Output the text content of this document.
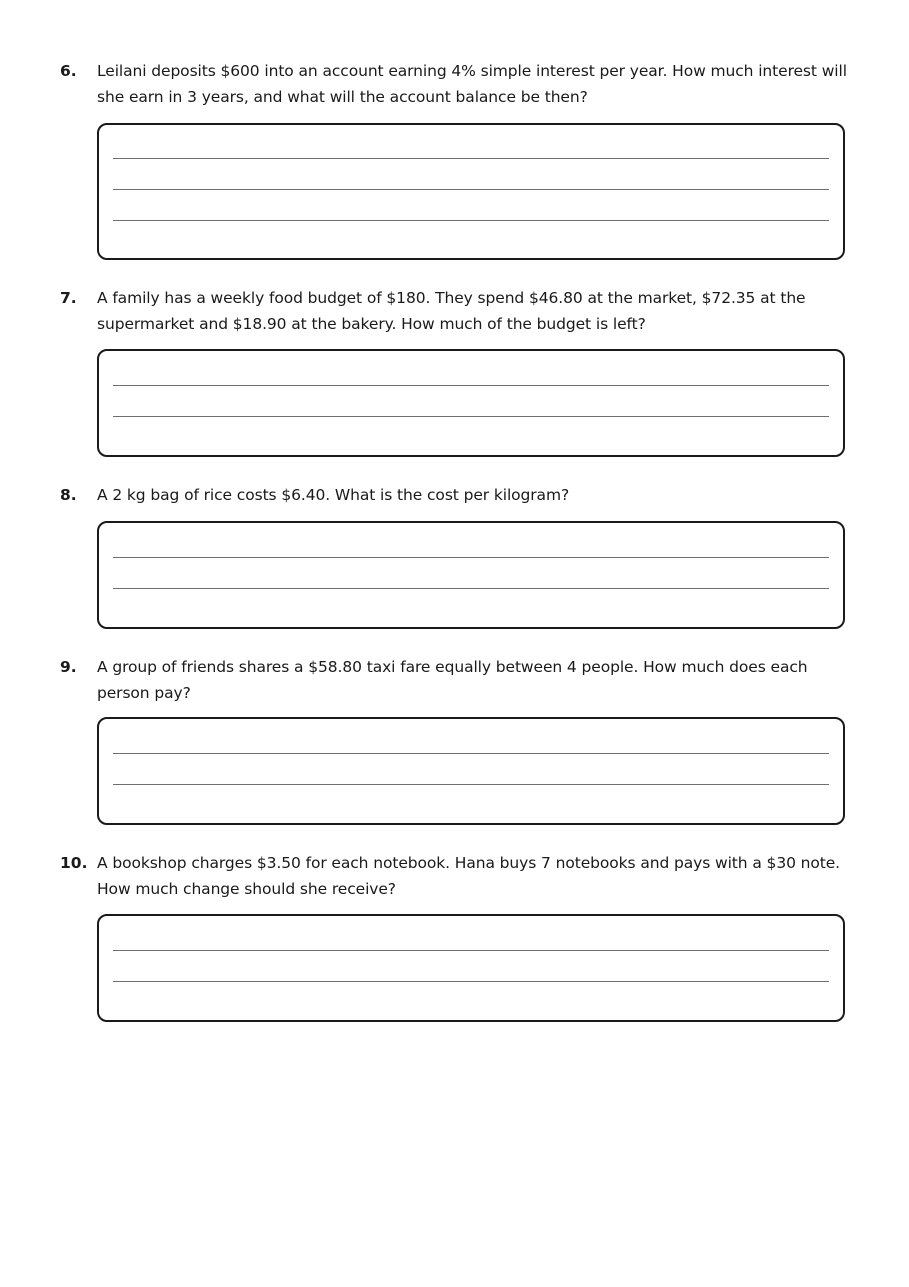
6. Leilani deposits $600 into an account earning 4% simple interest per year. How much interest will she earn in 3 years, and what will the account balance be then?
7. A family has a weekly food budget of $180. They spend $46.80 at the market, $72.35 at the supermarket and $18.90 at the bakery. How much of the budget is left?
8. A 2 kg bag of rice costs $6.40. What is the cost per kilogram?
9. A group of friends shares a $58.80 taxi fare equally between 4 people. How much does each person pay?
10. A bookshop charges $3.50 for each notebook. Hana buys 7 notebooks and pays with a $30 note. How much change should she receive?
